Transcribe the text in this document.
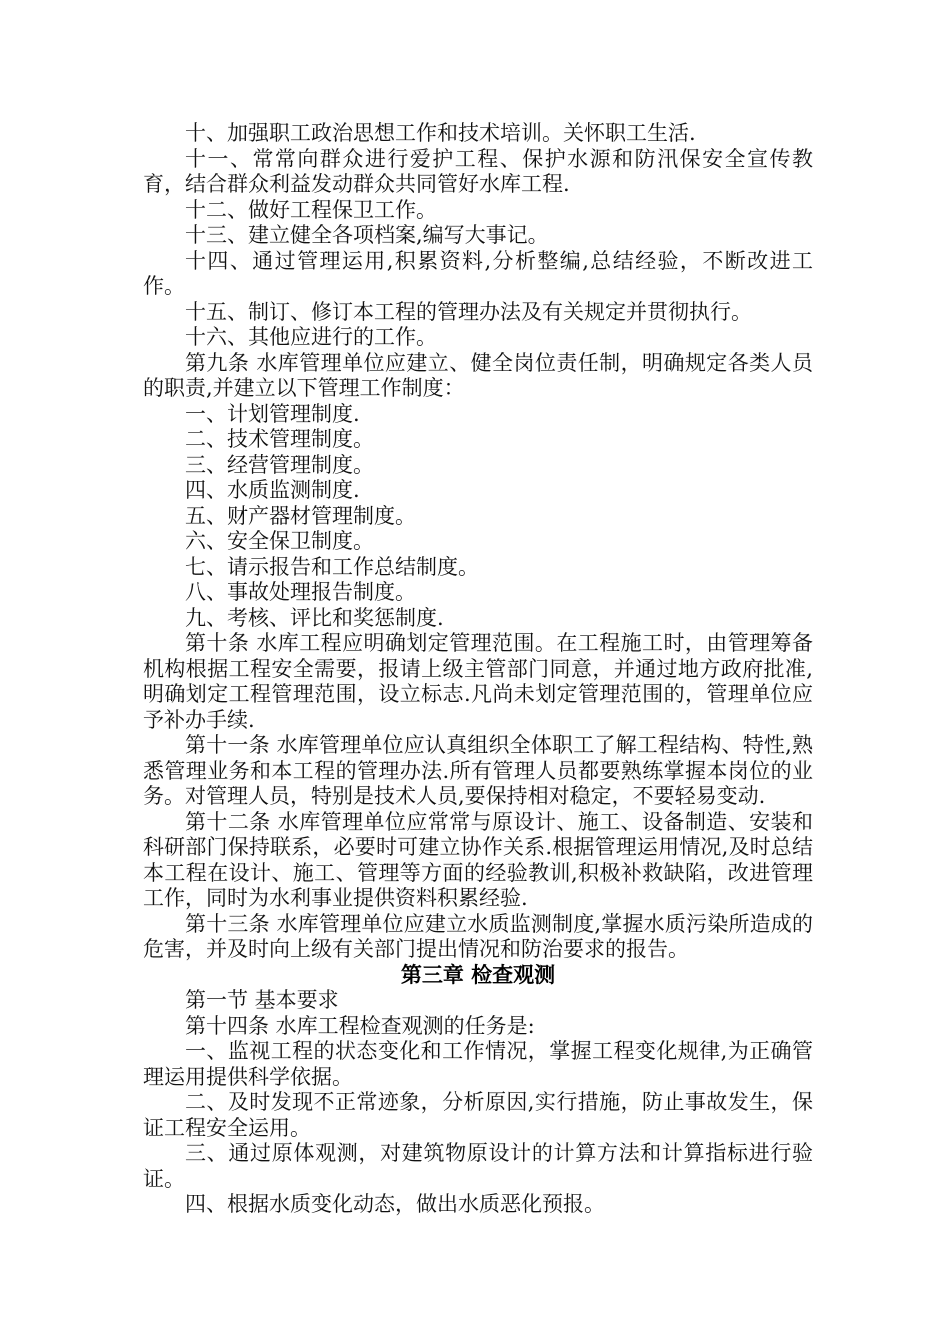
十、加强职工政治思想工作和技术培训。关怀职工生活.

十一、常常向群众进行爱护工程、保护水源和防汛保安全宣传教育，结合群众利益发动群众共同管好水库工程.

十二、做好工程保卫工作。

十三、建立健全各项档案,编写大事记。

十四、通过管理运用,积累资料,分析整编,总结经验，不断改进工作。

十五、制订、修订本工程的管理办法及有关规定并贯彻执行。

十六、其他应进行的工作。

第九条 水库管理单位应建立、健全岗位责任制，明确规定各类人员的职责,并建立以下管理工作制度：

一、计划管理制度.

二、技术管理制度。

三、经营管理制度。

四、水质监测制度.

五、财产器材管理制度。

六、安全保卫制度。

七、请示报告和工作总结制度。

八、事故处理报告制度。

九、考核、评比和奖惩制度.

第十条 水库工程应明确划定管理范围。在工程施工时，由管理筹备机构根据工程安全需要，报请上级主管部门同意，并通过地方政府批准,明确划定工程管理范围，设立标志.凡尚未划定管理范围的，管理单位应予补办手续.

第十一条 水库管理单位应认真组织全体职工了解工程结构、特性,熟悉管理业务和本工程的管理办法.所有管理人员都要熟练掌握本岗位的业务。对管理人员，特别是技术人员,要保持相对稳定，不要轻易变动.

第十二条 水库管理单位应常常与原设计、施工、设备制造、安装和科研部门保持联系，必要时可建立协作关系.根据管理运用情况,及时总结本工程在设计、施工、管理等方面的经验教训,积极补救缺陷，改进管理工作，同时为水利事业提供资料积累经验.

第十三条 水库管理单位应建立水质监测制度,掌握水质污染所造成的危害，并及时向上级有关部门提出情况和防治要求的报告。

第三章 检查观测

第一节 基本要求

第十四条 水库工程检查观测的任务是:

一、监视工程的状态变化和工作情况，掌握工程变化规律,为正确管理运用提供科学依据。

二、及时发现不正常迹象，分析原因,实行措施，防止事故发生，保证工程安全运用。

三、通过原体观测，对建筑物原设计的计算方法和计算指标进行验证。

四、根据水质变化动态，做出水质恶化预报。
